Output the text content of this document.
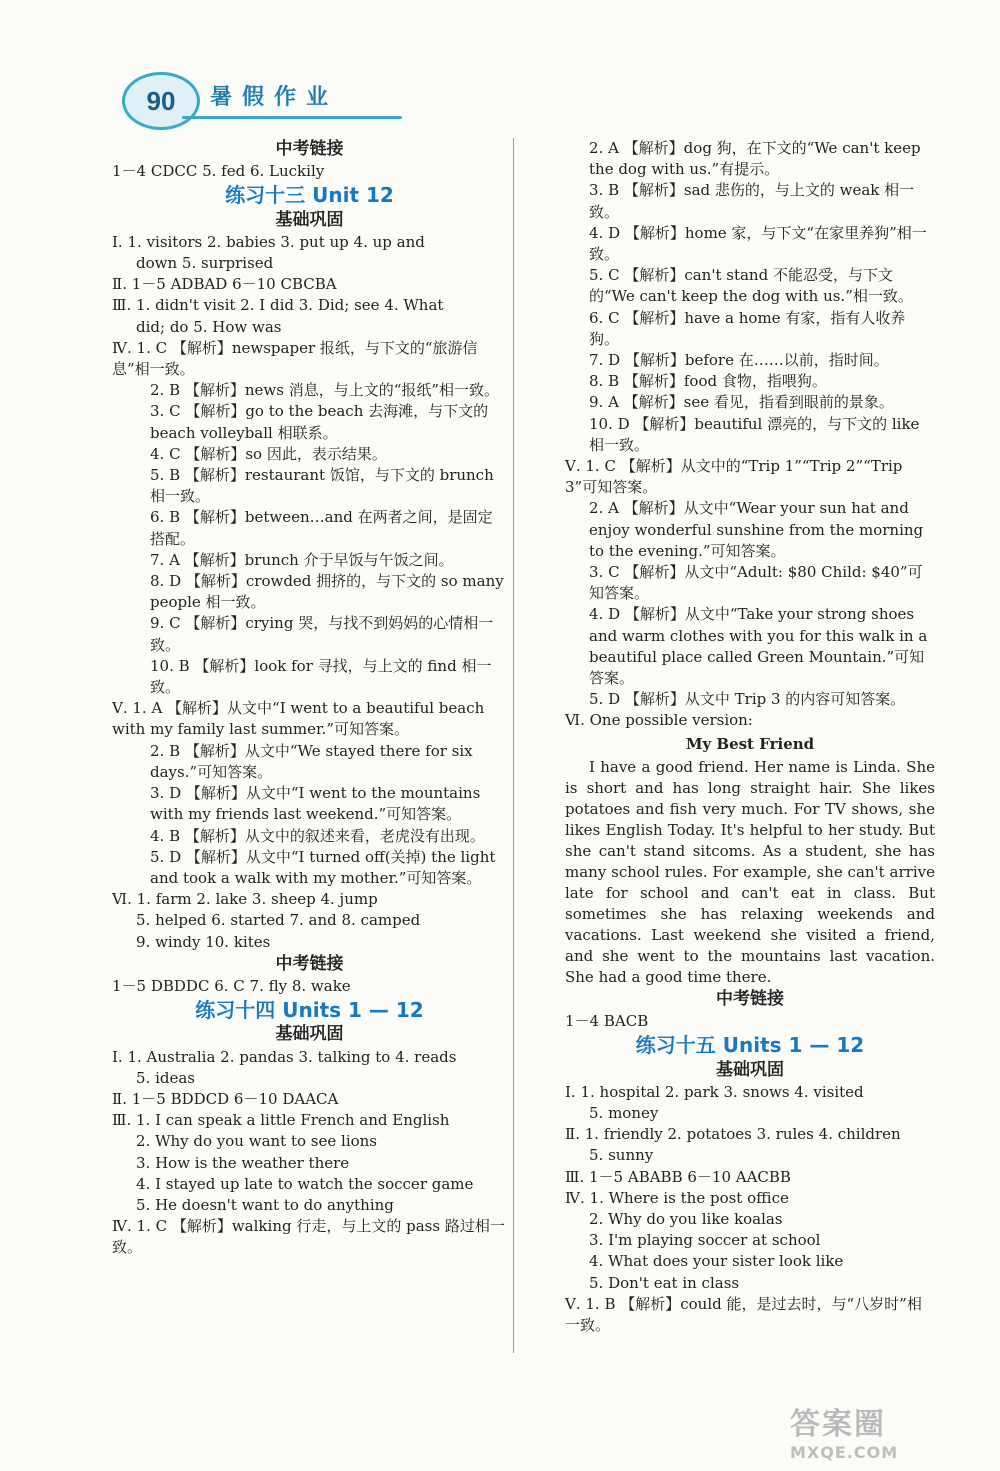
90	暑假作业
中考链接
1－4 CDCC 5. fed 6. Luckily
练习十三 Unit 12
基础巩固
Ⅰ. 1. visitors 2. babies 3. put up 4. up and
down 5. surprised
Ⅱ. 1－5 ADBAD 6－10 CBCBA
Ⅲ. 1. didn't visit 2. I did 3. Did; see 4. What
did; do 5. How was
Ⅳ. 1. C 【解析】newspaper 报纸，与下文的“旅游信息”相一致。
2. B 【解析】news 消息，与上文的“报纸”相一致。
3. C 【解析】go to the beach 去海滩，与下文的 beach volleyball 相联系。
4. C 【解析】so 因此，表示结果。
5. B 【解析】restaurant 饭馆，与下文的 brunch 相一致。
6. B 【解析】between…and 在两者之间，是固定搭配。
7. A 【解析】brunch 介于早饭与午饭之间。
8. D 【解析】crowded 拥挤的，与下文的 so many people 相一致。
9. C 【解析】crying 哭，与找不到妈妈的心情相一致。
10. B 【解析】look for 寻找，与上文的 find 相一致。
Ⅴ. 1. A 【解析】从文中“I went to a beautiful beach with my family last summer.”可知答案。
2. B 【解析】从文中“We stayed there for six days.”可知答案。
3. D 【解析】从文中“I went to the mountains with my friends last weekend.”可知答案。
4. B 【解析】从文中的叙述来看，老虎没有出现。
5. D 【解析】从文中“I turned off(关掉) the light and took a walk with my mother.”可知答案。
Ⅵ. 1. farm 2. lake 3. sheep 4. jump
5. helped 6. started 7. and 8. camped
9. windy 10. kites
中考链接
1－5 DBDDC 6. C 7. fly 8. wake
练习十四 Units 1 — 12
基础巩固
Ⅰ. 1. Australia 2. pandas 3. talking to 4. reads
5. ideas
Ⅱ. 1－5 BDDCD 6－10 DAACA
Ⅲ. 1. I can speak a little French and English
2. Why do you want to see lions
3. How is the weather there
4. I stayed up late to watch the soccer game
5. He doesn't want to do anything
Ⅳ. 1. C 【解析】walking 行走，与上文的 pass 路过相一致。
2. A 【解析】dog 狗，在下文的“We can't keep the dog with us.”有提示。
3. B 【解析】sad 悲伤的，与上文的 weak 相一致。
4. D 【解析】home 家，与下文“在家里养狗”相一致。
5. C 【解析】can't stand 不能忍受，与下文的“We can't keep the dog with us.”相一致。
6. C 【解析】have a home 有家，指有人收养狗。
7. D 【解析】before 在……以前，指时间。
8. B 【解析】food 食物，指喂狗。
9. A 【解析】see 看见，指看到眼前的景象。
10. D 【解析】beautiful 漂亮的，与下文的 like 相一致。
Ⅴ. 1. C 【解析】从文中的“Trip 1”“Trip 2”“Trip 3”可知答案。
2. A 【解析】从文中“Wear your sun hat and enjoy wonderful sunshine from the morning to the evening.”可知答案。
3. C 【解析】从文中“Adult: $80 Child: $40”可知答案。
4. D 【解析】从文中“Take your strong shoes and warm clothes with you for this walk in a beautiful place called Green Mountain.”可知答案。
5. D 【解析】从文中 Trip 3 的内容可知答案。
Ⅵ. One possible version:
My Best Friend
I have a good friend. Her name is Linda. She is short and has long straight hair. She likes potatoes and fish very much. For TV shows, she likes English Today. It's helpful to her study. But she can't stand sitcoms. As a student, she has many school rules. For example, she can't arrive late for school and can't eat in class. But sometimes she has relaxing weekends and vacations. Last weekend she visited a friend, and she went to the mountains last vacation. She had a good time there.
中考链接
1－4 BACB
练习十五 Units 1 — 12
基础巩固
Ⅰ. 1. hospital 2. park 3. snows 4. visited
5. money
Ⅱ. 1. friendly 2. potatoes 3. rules 4. children
5. sunny
Ⅲ. 1－5 ABABB 6－10 AACBB
Ⅳ. 1. Where is the post office
2. Why do you like koalas
3. I'm playing soccer at school
4. What does your sister look like
5. Don't eat in class
Ⅴ. 1. B 【解析】could 能，是过去时，与“八岁时”相一致。
答案圈
MXQE.COM
